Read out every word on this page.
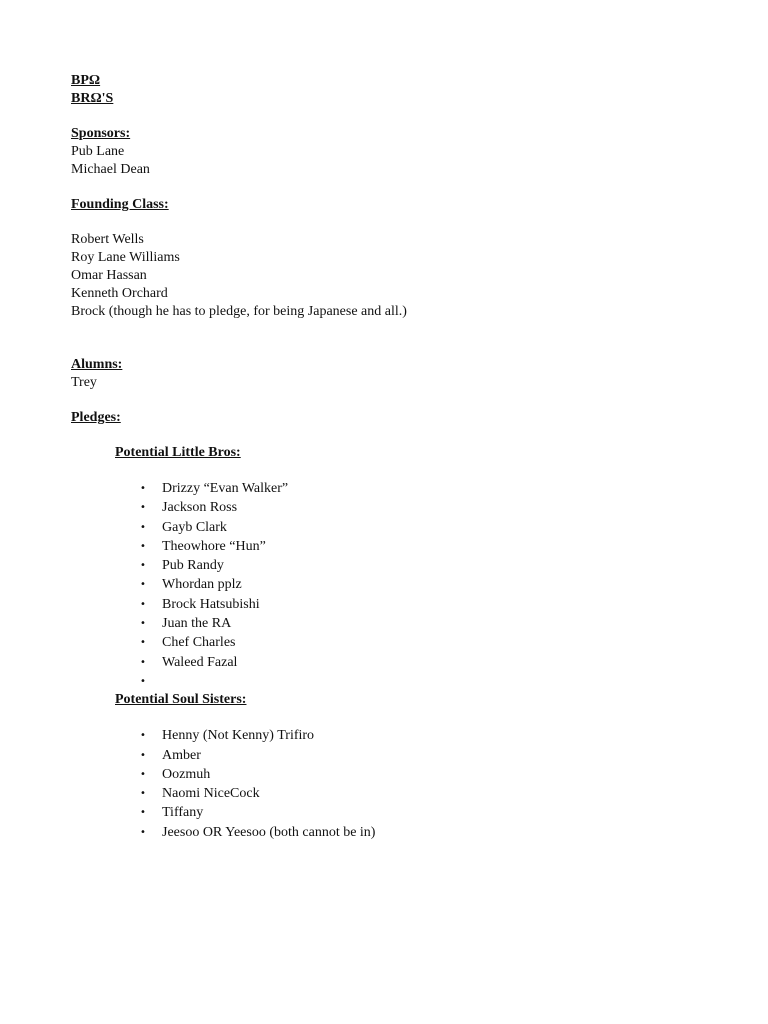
BPΩ
BRΩ'S
Sponsors:
Pub Lane
Michael Dean
Founding Class:
Robert Wells
Roy Lane Williams
Omar Hassan
Kenneth Orchard
Brock (though he has to pledge, for being Japanese and all.)
Alumns:
Trey
Pledges:
Potential Little Bros:
• Drizzy “Evan Walker”
• Jackson Ross
• Gayb Clark
• Theowhore “Hun”
• Pub Randy
• Whordan pplz
• Brock Hatsubishi
• Juan the RA
• Chef Charles
• Waleed Fazal
•
Potential Soul Sisters:
• Henny (Not Kenny) Trifiro
• Amber
• Oozmuh
• Naomi NiceCock
• Tiffany
• Jeesoo OR Yeesoo (both cannot be in)
